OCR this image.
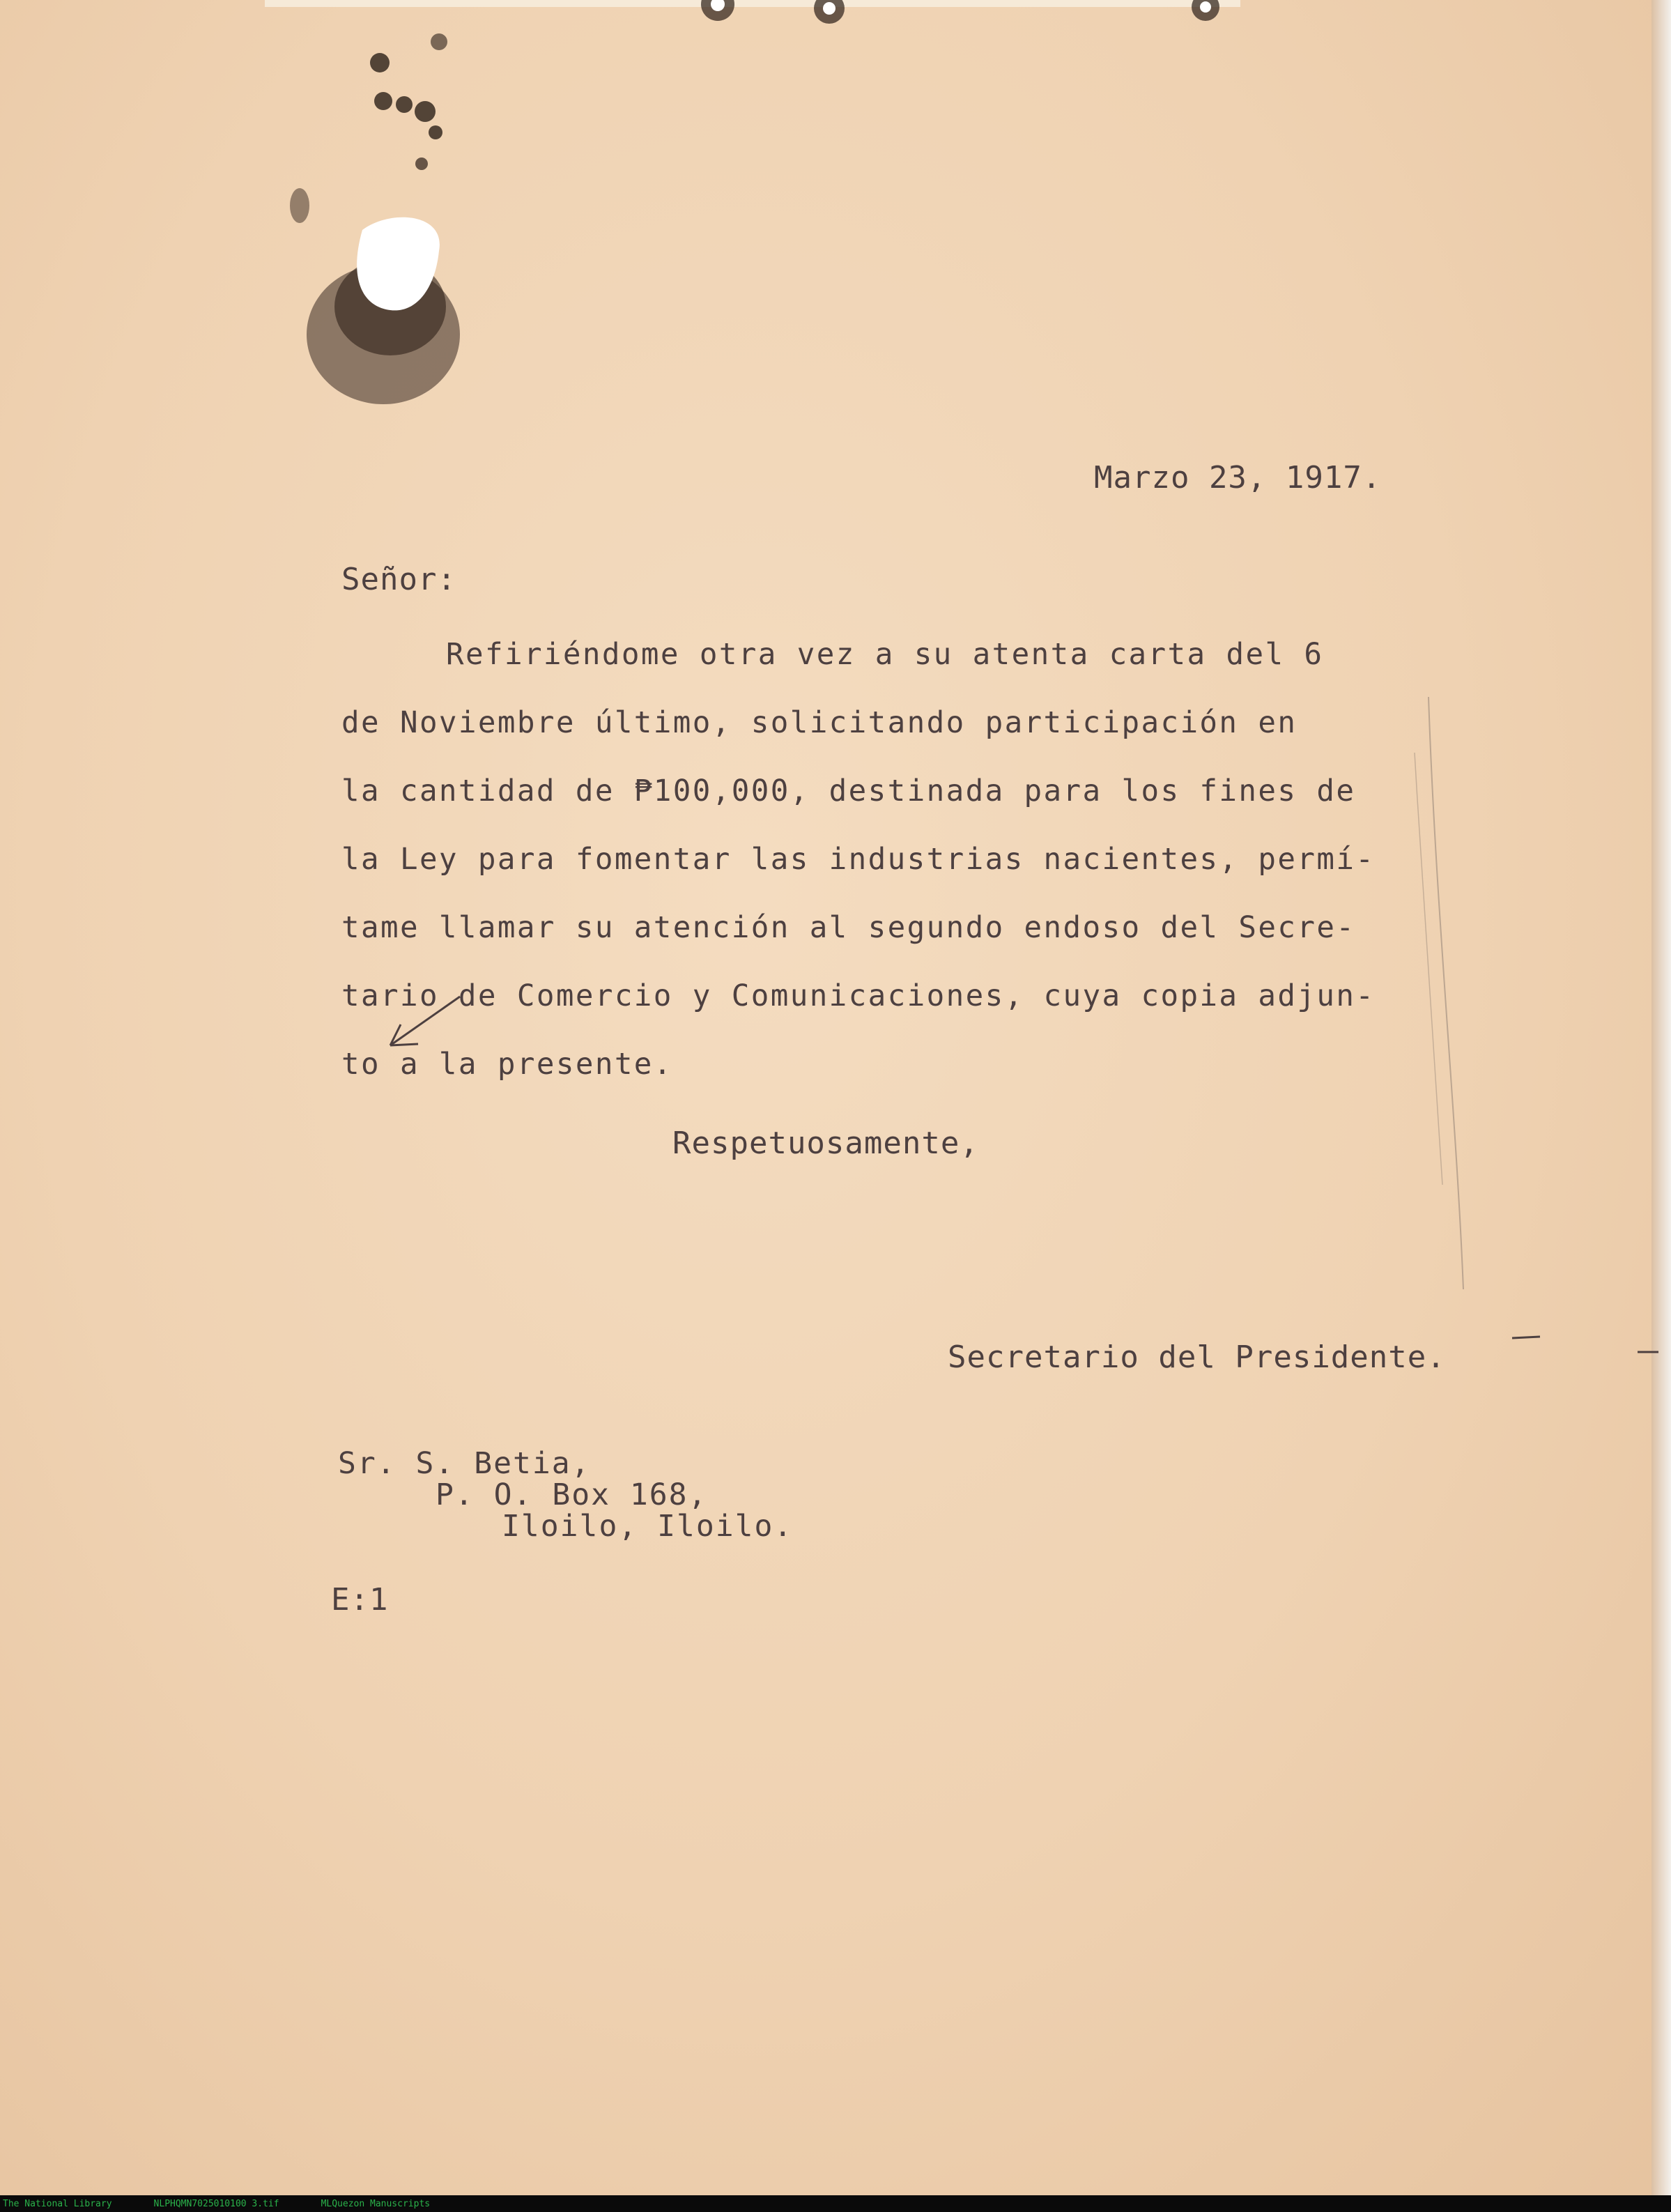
Marzo 23, 1917.
Señor:
Refiriéndome otra vez a su atenta carta del 6
de Noviembre último, solicitando participación en
la cantidad de ₱100,000, destinada para los fines de
la Ley para fomentar las industrias nacientes, permí-
tame llamar su atención al segundo endoso del Secre-
tario de Comercio y Comunicaciones, cuya copia adjun-
to a la presente.
Respetuosamente,
Secretario del Presidente.
Sr. S. Betia,
P. O. Box 168,
Iloilo, Iloilo.
E:1
The National Library	NLPHQMN7025010100 3.tif	MLQuezon Manuscripts
